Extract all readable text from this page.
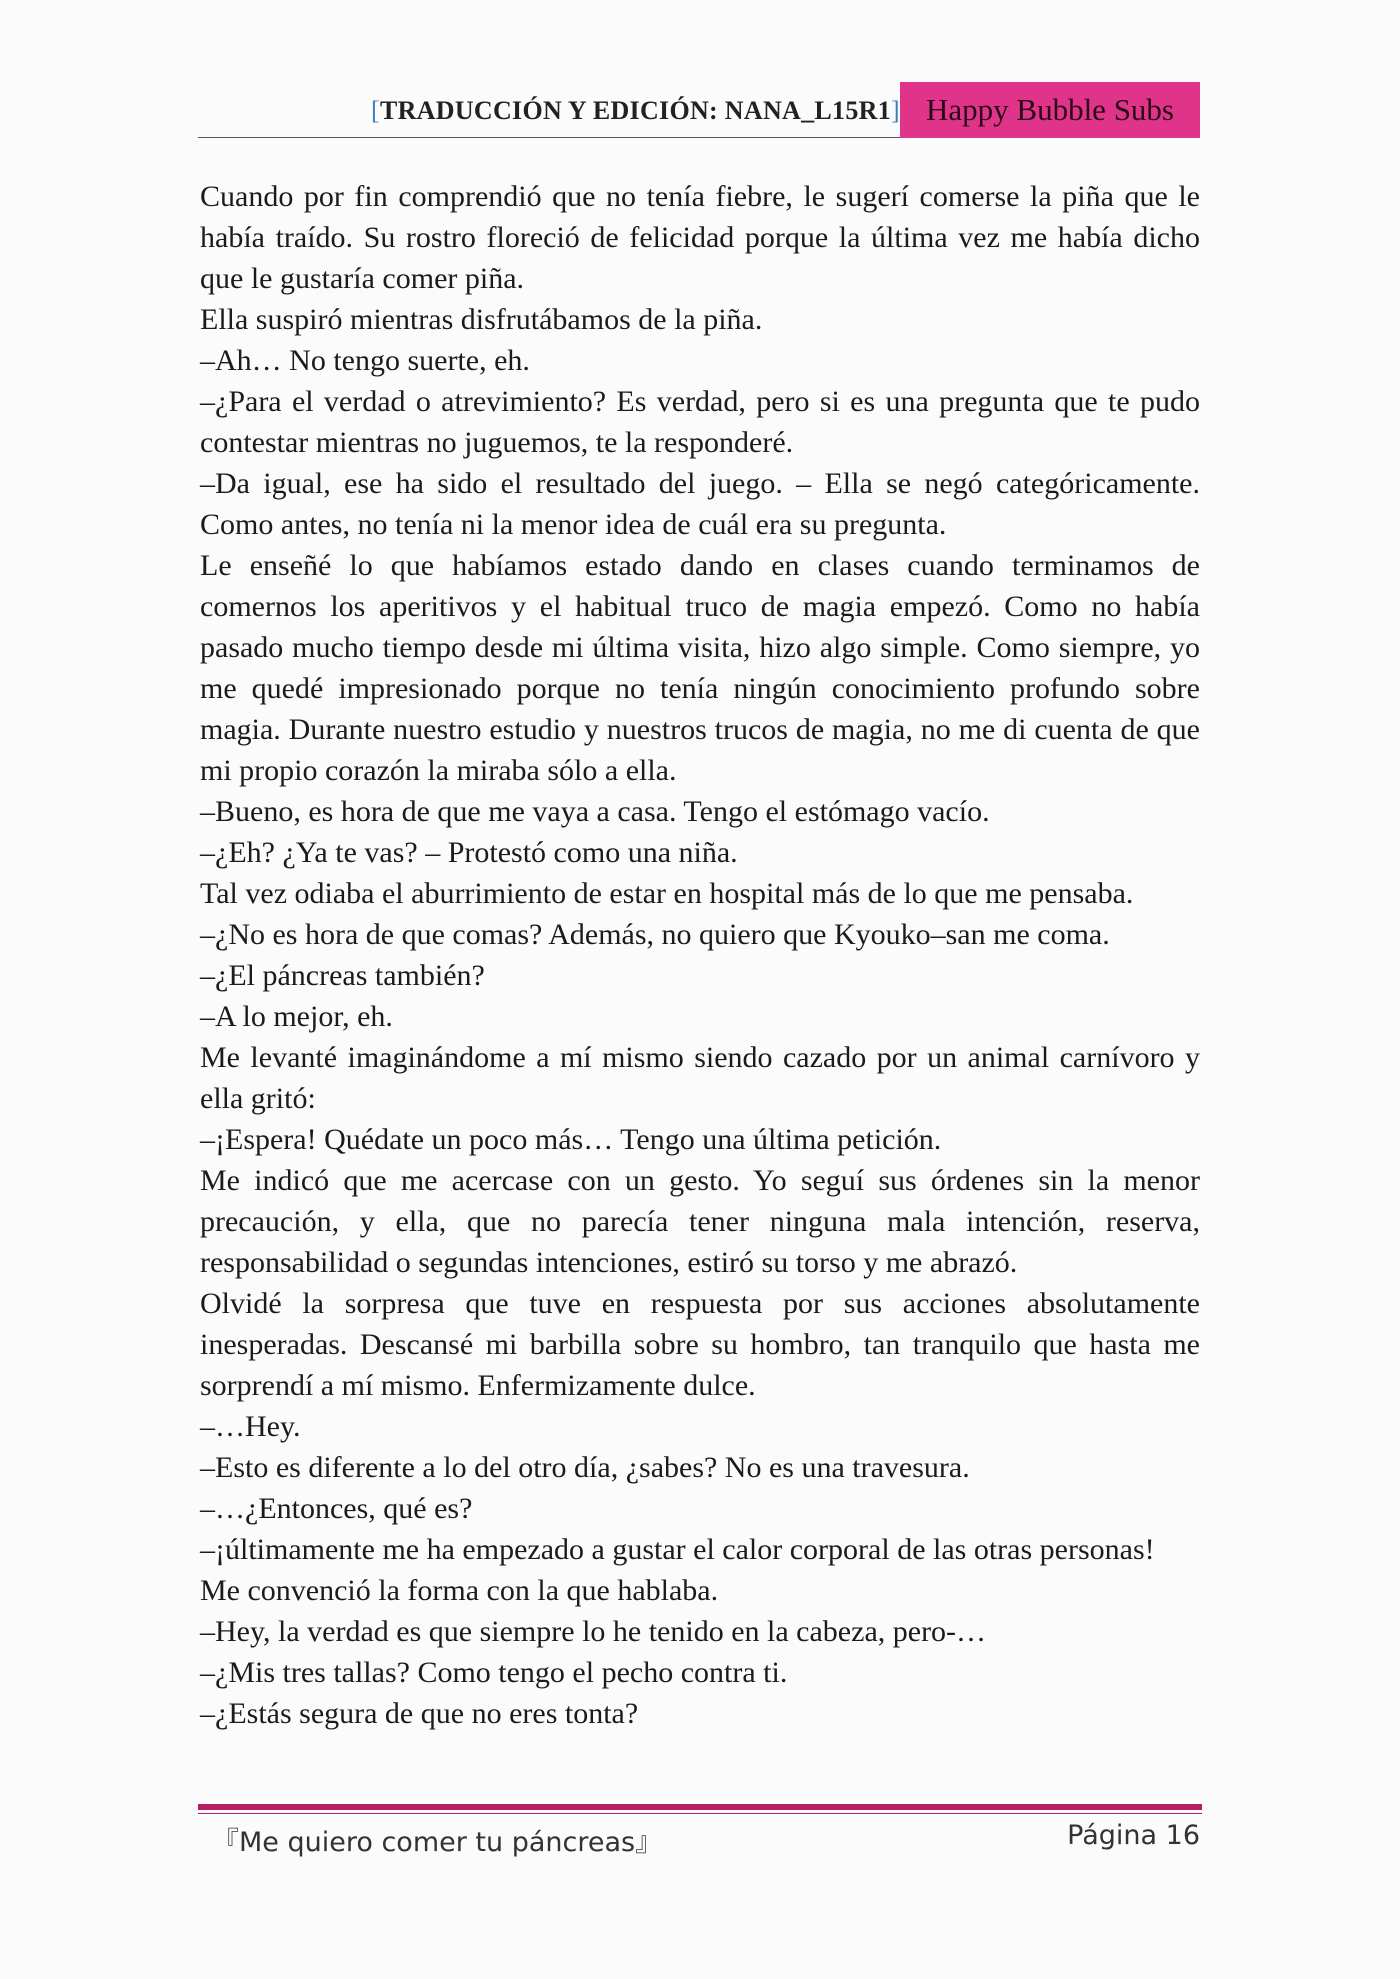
[TRADUCCIÓN Y EDICIÓN: NANA_L15R1] Happy Bubble Subs

Cuando por fin comprendió que no tenía fiebre, le sugerí comerse la piña que le había traído. Su rostro floreció de felicidad porque la última vez me había dicho que le gustaría comer piña.

Ella suspiró mientras disfrutábamos de la piña.

–Ah… No tengo suerte, eh.

–¿Para el verdad o atrevimiento? Es verdad, pero si es una pregunta que te pudo contestar mientras no juguemos, te la responderé.

–Da igual, ese ha sido el resultado del juego. – Ella se negó categóricamente. Como antes, no tenía ni la menor idea de cuál era su pregunta.

Le enseñé lo que habíamos estado dando en clases cuando terminamos de comernos los aperitivos y el habitual truco de magia empezó. Como no había pasado mucho tiempo desde mi última visita, hizo algo simple. Como siempre, yo me quedé impresionado porque no tenía ningún conocimiento profundo sobre magia. Durante nuestro estudio y nuestros trucos de magia, no me di cuenta de que mi propio corazón la miraba sólo a ella.

–Bueno, es hora de que me vaya a casa. Tengo el estómago vacío.

–¿Eh? ¿Ya te vas? – Protestó como una niña.

Tal vez odiaba el aburrimiento de estar en hospital más de lo que me pensaba.

–¿No es hora de que comas? Además, no quiero que Kyouko–san me coma.

–¿El páncreas también?

–A lo mejor, eh.

Me levanté imaginándome a mí mismo siendo cazado por un animal carnívoro y ella gritó:

–¡Espera! Quédate un poco más… Tengo una última petición.

Me indicó que me acercase con un gesto. Yo seguí sus órdenes sin la menor precaución, y ella, que no parecía tener ninguna mala intención, reserva, responsabilidad o segundas intenciones, estiró su torso y me abrazó.

Olvidé la sorpresa que tuve en respuesta por sus acciones absolutamente inesperadas. Descansé mi barbilla sobre su hombro, tan tranquilo que hasta me sorprendí a mí mismo. Enfermizamente dulce.

–…Hey.

–Esto es diferente a lo del otro día, ¿sabes? No es una travesura.

–…¿Entonces, qué es?

–¡últimamente me ha empezado a gustar el calor corporal de las otras personas!

Me convenció la forma con la que hablaba.

–Hey, la verdad es que siempre lo he tenido en la cabeza, pero-…

–¿Mis tres tallas? Como tengo el pecho contra ti.

–¿Estás segura de que no eres tonta?

『Me quiero comer tu páncreas』	Página 16
